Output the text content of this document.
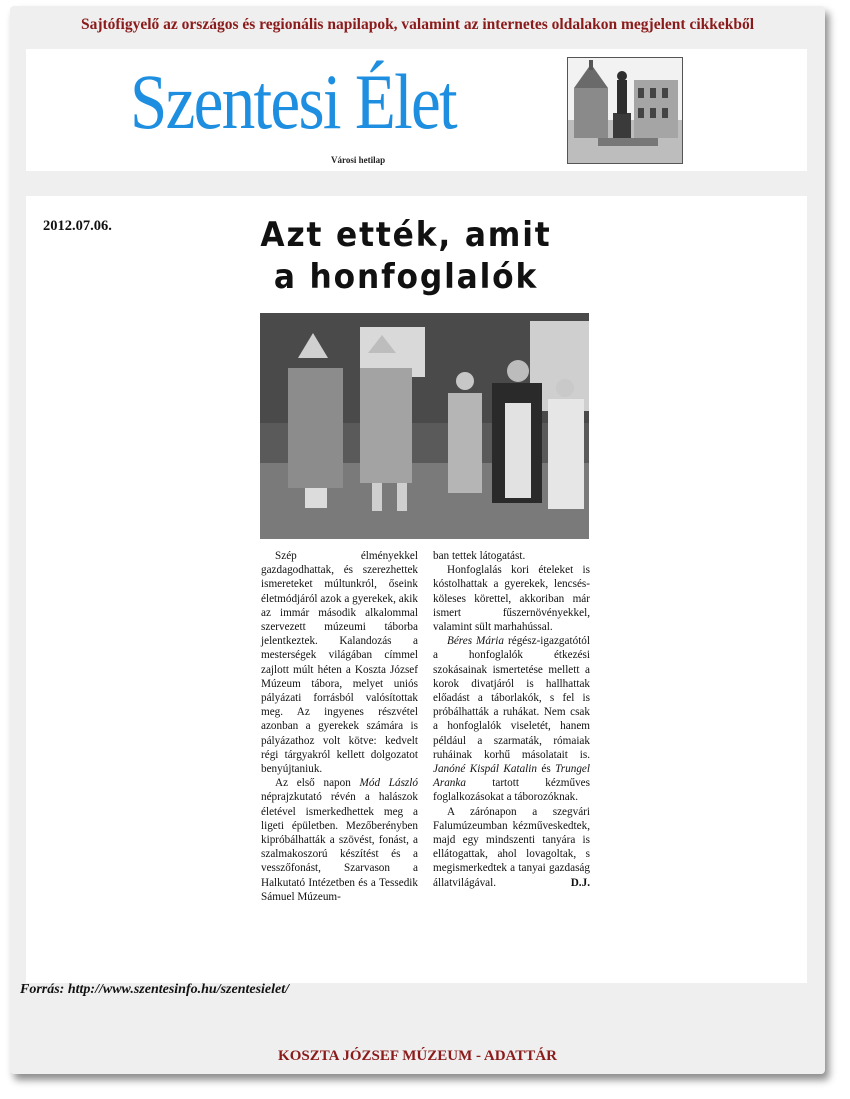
Sajtófigyelő az országos és regionális napilapok, valamint az internetes oldalakon megjelent cikkekből
Szentesi Élet
Városi hetilap
2012.07.06.	Azt ették, amit
a honfoglalók

Szép élményekkel gazdagodhattak, és szerezhettek ismereteket múltunkról, őseink életmódjáról azok a gyerekek, akik az immár második alkalommal szervezett múzeumi táborba jelentkeztek. Kalandozás a mesterségek világában címmel zajlott múlt héten a Koszta József Múzeum tábora, melyet uniós pályázati forrásból valósítottak meg. Az ingyenes részvétel azonban a gyerekek számára is pályázathoz volt kötve: kedvelt régi tárgyakról kellett dolgozatot benyújtaniuk.

Az első napon Mód László néprajzkutató révén a halászok életével ismerkedhettek meg a ligeti épületben. Mezőberényben kipróbálhatták a szövést, fonást, a szalmakoszorú készítést és a vesszőfonást, Szarvason a Halkutató Intézetben és a Tessedik Sámuel Múzeum-

ban tettek látogatást.

Honfoglalás kori ételeket is kóstolhattak a gyerekek, lencsés-köleses körettel, akkoriban már ismert fűszernövényekkel, valamint sült marhahússal.

Béres Mária régész-igazgatótól a honfoglalók étkezési szokásainak ismertetése mellett a korok divatjáról is hallhattak előadást a táborlakók, s fel is próbálhatták a ruhákat. Nem csak a honfoglalók viseletét, hanem például a szarmaták, rómaiak ruháinak korhű másolatait is. Janóné Kispál Katalin és Trungel Aranka tartott kézműves foglalkozásokat a táborozóknak.

A zárónapon a szegvári Falumúzeumban kézműveskedtek, majd egy mindszenti tanyára is ellátogattak, ahol lovagoltak, s megismerkedtek a tanyai gazdaság állatvilágával.	D.J.

KOSZTA JÓZSEF MÚZEUM - ADATTÁR
Forrás: http://www.szentesinfo.hu/szentesielet/
